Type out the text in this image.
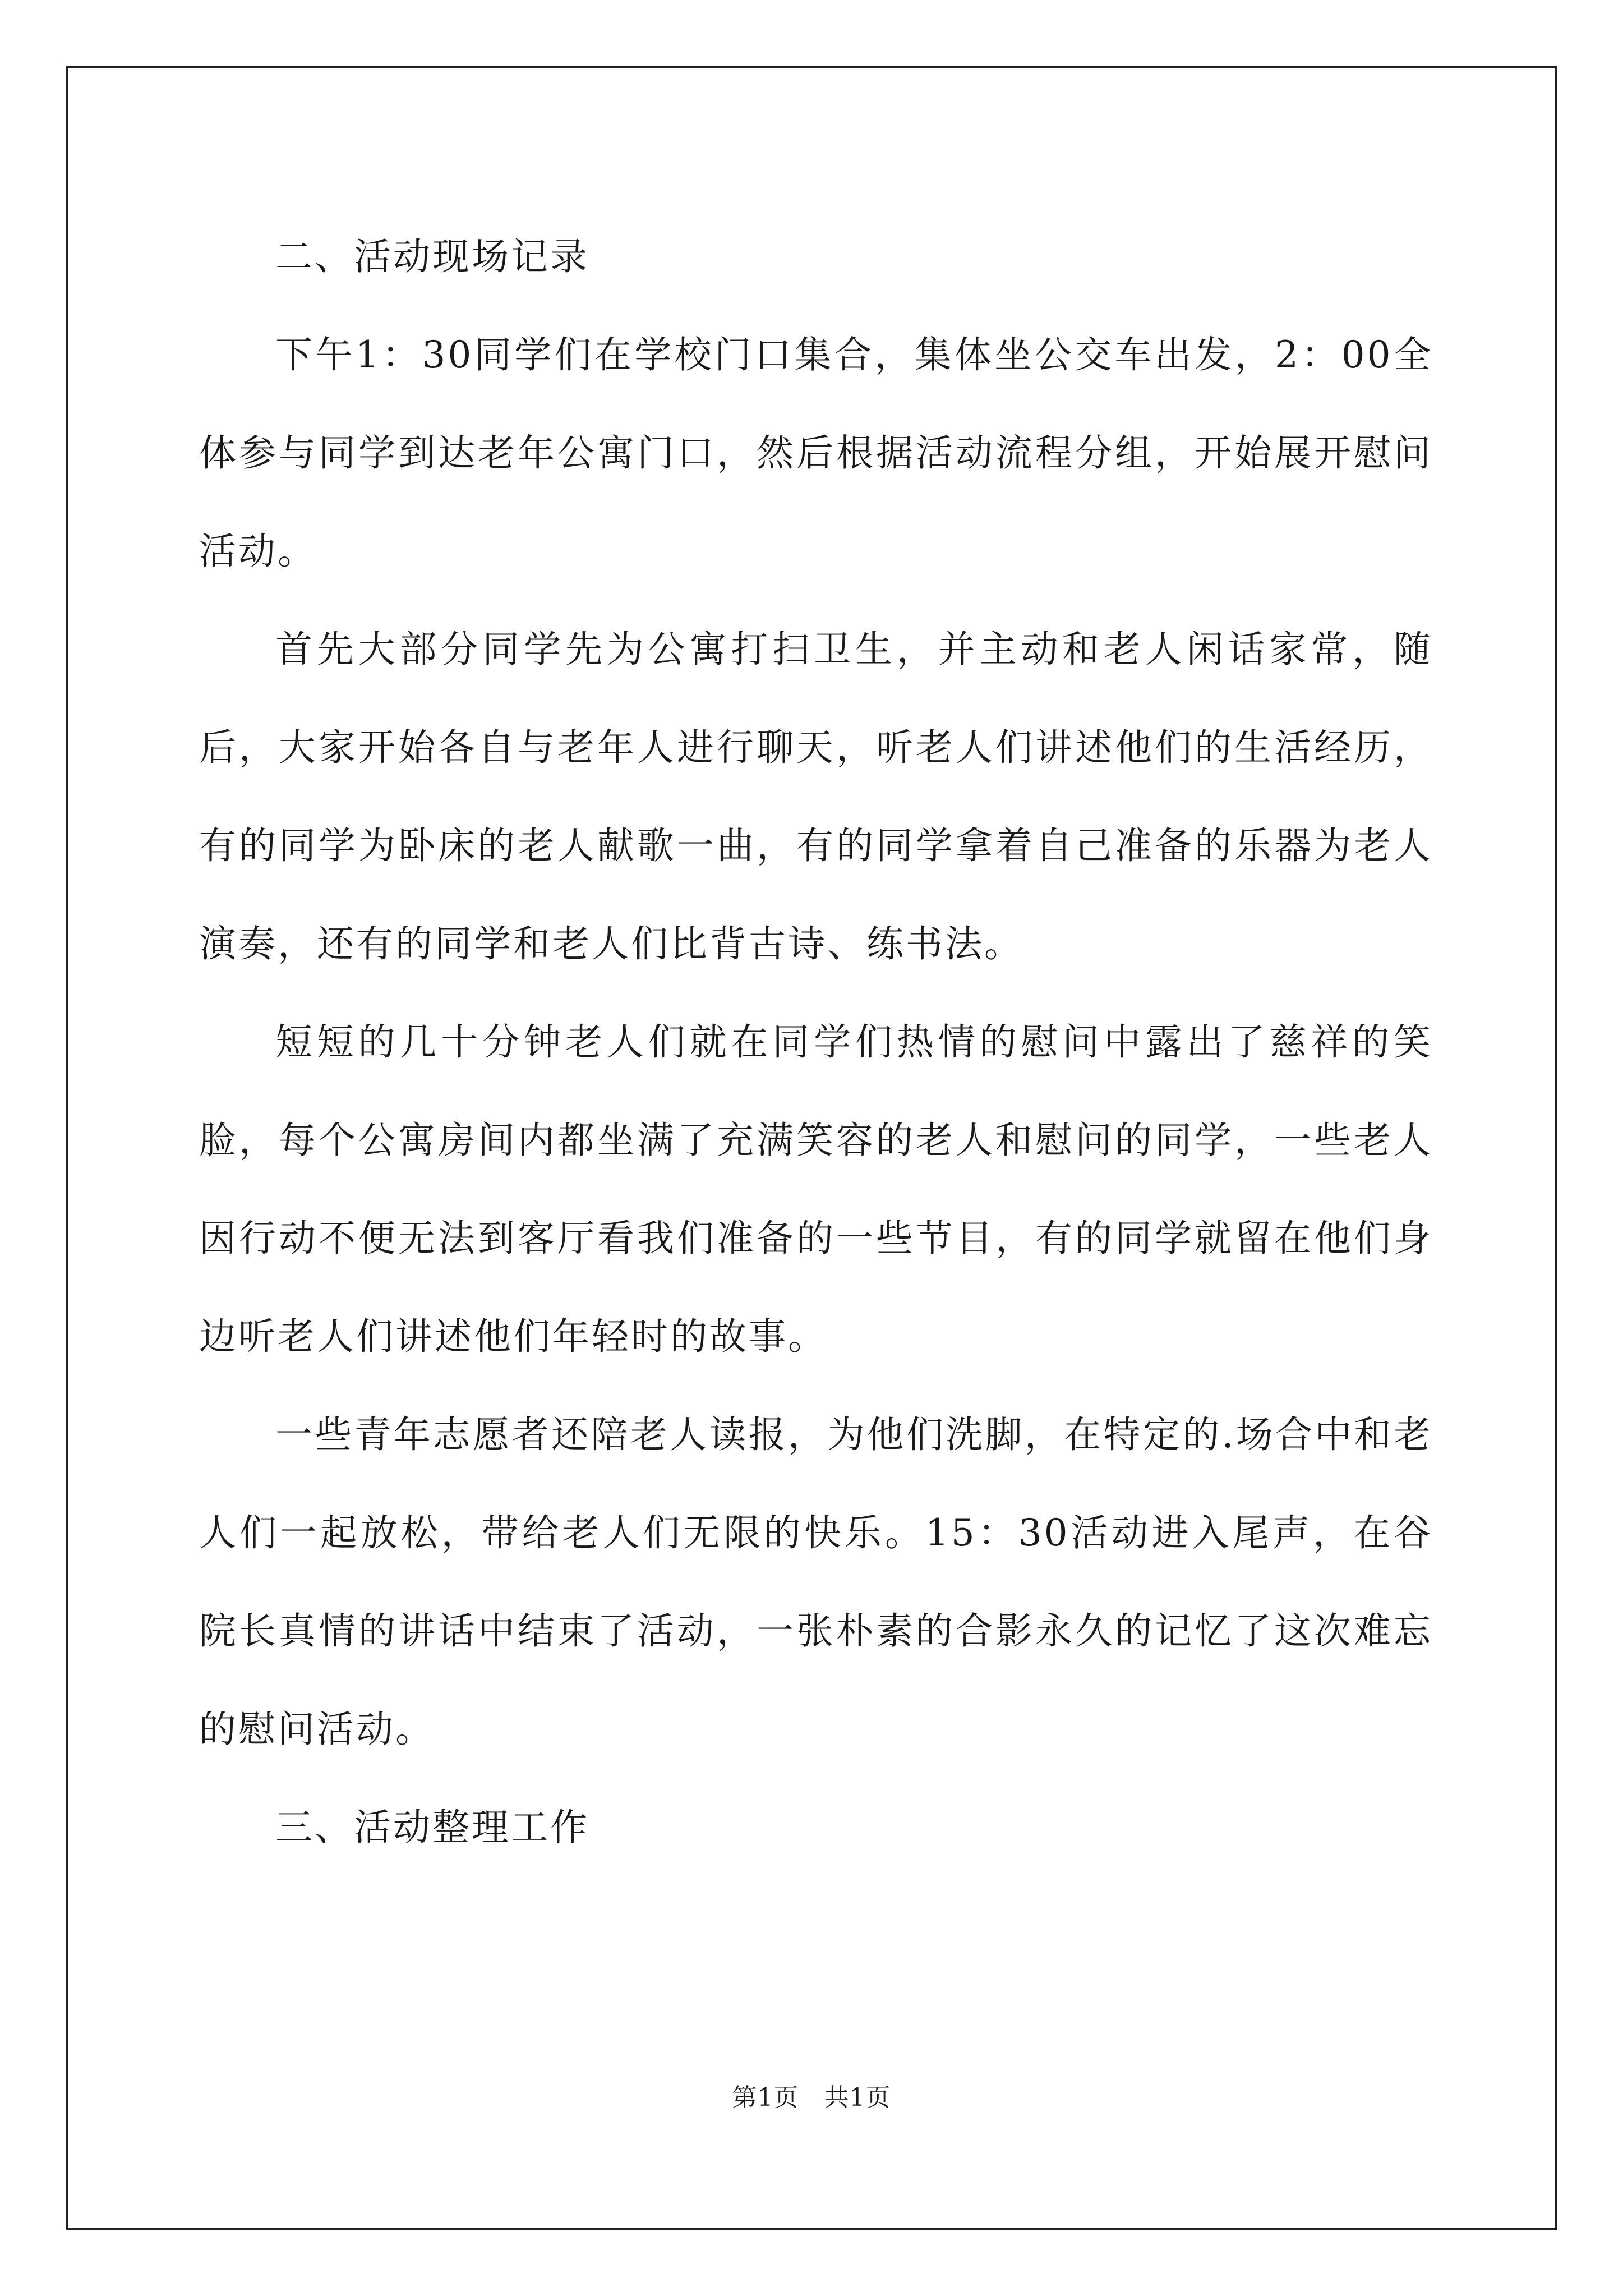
二、活动现场记录

下午1：30同学们在学校门口集合，集体坐公交车出发，2：00全体参与同学到达老年公寓门口，然后根据活动流程分组，开始展开慰问活动。

首先大部分同学先为公寓打扫卫生，并主动和老人闲话家常，随后，大家开始各自与老年人进行聊天，听老人们讲述他们的生活经历，有的同学为卧床的老人献歌一曲，有的同学拿着自己准备的乐器为老人演奏，还有的同学和老人们比背古诗、练书法。

短短的几十分钟老人们就在同学们热情的慰问中露出了慈祥的笑脸，每个公寓房间内都坐满了充满笑容的老人和慰问的同学，一些老人因行动不便无法到客厅看我们准备的一些节目，有的同学就留在他们身边听老人们讲述他们年轻时的故事。

一些青年志愿者还陪老人读报，为他们洗脚，在特定的.场合中和老人们一起放松，带给老人们无限的快乐。15：30活动进入尾声，在谷院长真情的讲话中结束了活动，一张朴素的合影永久的记忆了这次难忘的慰问活动。

三、活动整理工作

第1页　共1页
